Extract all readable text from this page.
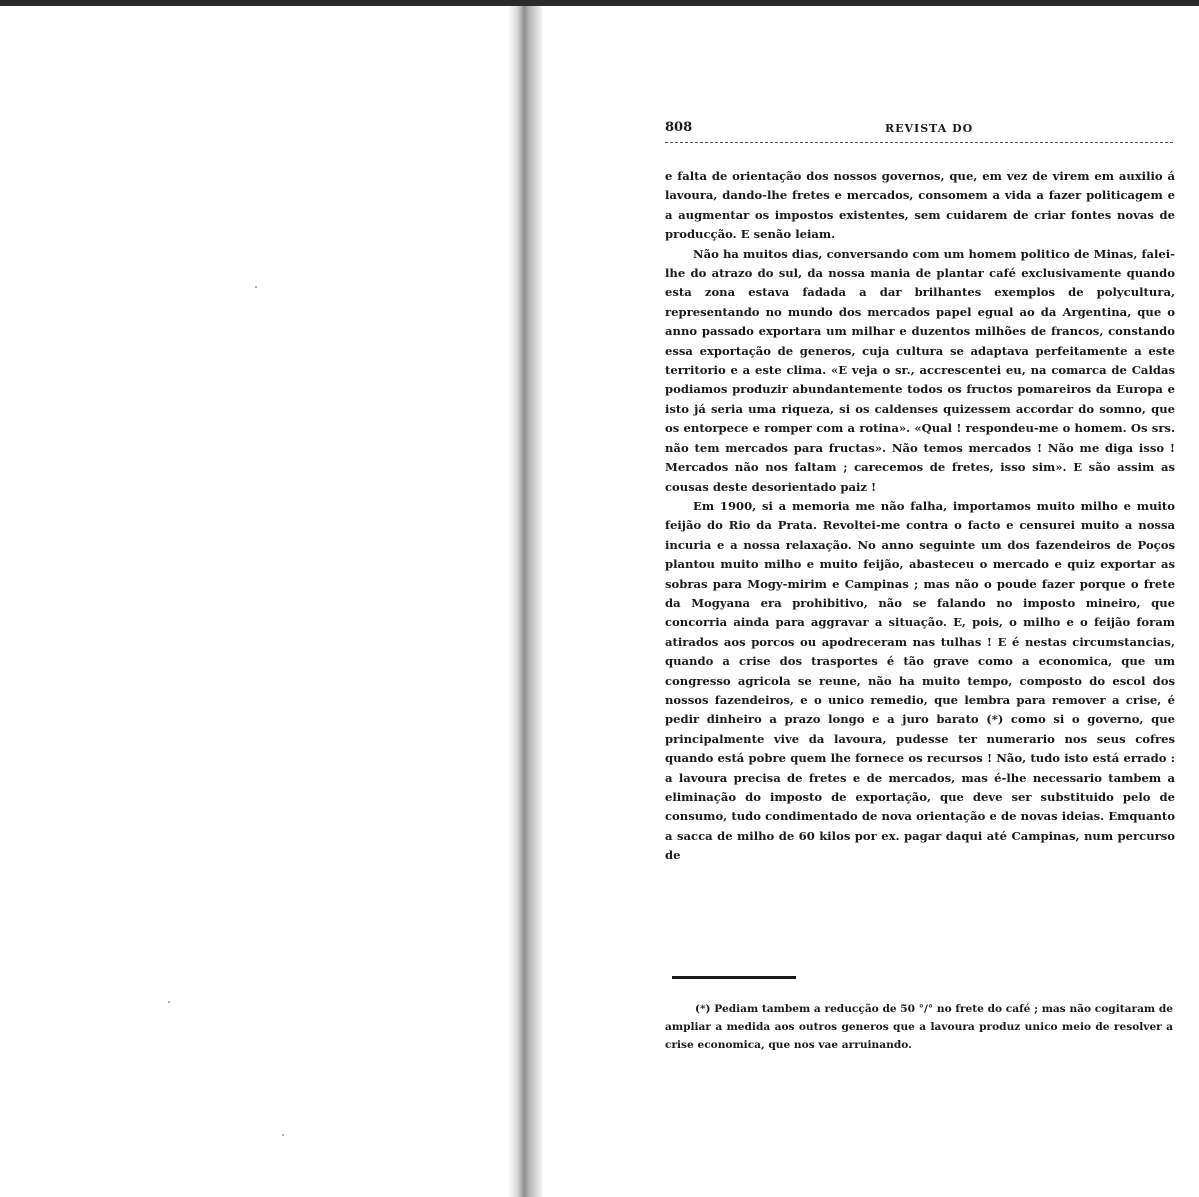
808	REVISTA DO

e falta de orientação dos nossos governos, que, em vez de virem em auxilio á lavoura, dando-lhe fretes e mercados, consomem a vida a fazer politicagem e a augmentar os impostos existentes, sem cuidarem de criar fontes novas de producção. E senão leiam.

Não ha muitos dias, conversando com um homem politico de Minas, falei-lhe do atrazo do sul, da nossa mania de plantar café exclusivamente quando esta zona estava fadada a dar brilhantes exemplos de polycultura, representando no mundo dos mercados papel egual ao da Argentina, que o anno passado exportara um milhar e duzentos milhões de francos, constando essa exportação de generos, cuja cultura se adaptava perfeitamente a este territorio e a este clima. «E veja o sr., accrescentei eu, na comarca de Caldas podiamos produzir abundantemente todos os fructos pomareiros da Europa e isto já seria uma riqueza, si os caldenses quizessem accordar do somno, que os entorpece e romper com a rotina». «Qual ! respondeu-me o homem. Os srs. não tem mercados para fructas». Não temos mercados ! Não me diga isso ! Mercados não nos faltam ; carecemos de fretes, isso sim». E são assim as cousas deste desorientado paiz !

Em 1900, si a memoria me não falha, importamos muito milho e muito feijão do Rio da Prata. Revoltei-me contra o facto e censurei muito a nossa incuria e a nossa relaxação. No anno seguinte um dos fazendeiros de Poços plantou muito milho e muito feijão, abasteceu o mercado e quiz exportar as sobras para Mogy-mirim e Campinas ; mas não o poude fazer porque o frete da Mogyana era prohibitivo, não se falando no imposto mineiro, que concorria ainda para aggravar a situação. E, pois, o milho e o feijão foram atirados aos porcos ou apodreceram nas tulhas ! E é nestas circumstancias, quando a crise dos trasportes é tão grave como a economica, que um congresso agricola se reune, não ha muito tempo, composto do escol dos nossos fazendeiros, e o unico remedio, que lembra para remover a crise, é pedir dinheiro a prazo longo e a juro barato (*) como si o governo, que principalmente vive da lavoura, pudesse ter numerario nos seus cofres quando está pobre quem lhe fornece os recursos ! Não, tudo isto está errado : a lavoura precisa de fretes e de mercados, mas é-lhe necessario tambem a eliminação do imposto de exportação, que deve ser substituido pelo de consumo, tudo condimentado de nova orientação e de novas ideias. Emquanto a sacca de milho de 60 kilos por ex. pagar daqui até Campinas, num percurso de

(*) Pediam tambem a reducção de 50 °/° no frete do café ; mas não cogitaram de ampliar a medida aos outros generos que a lavoura produz unico meio de resolver a crise economica, que nos vae arruinando.
